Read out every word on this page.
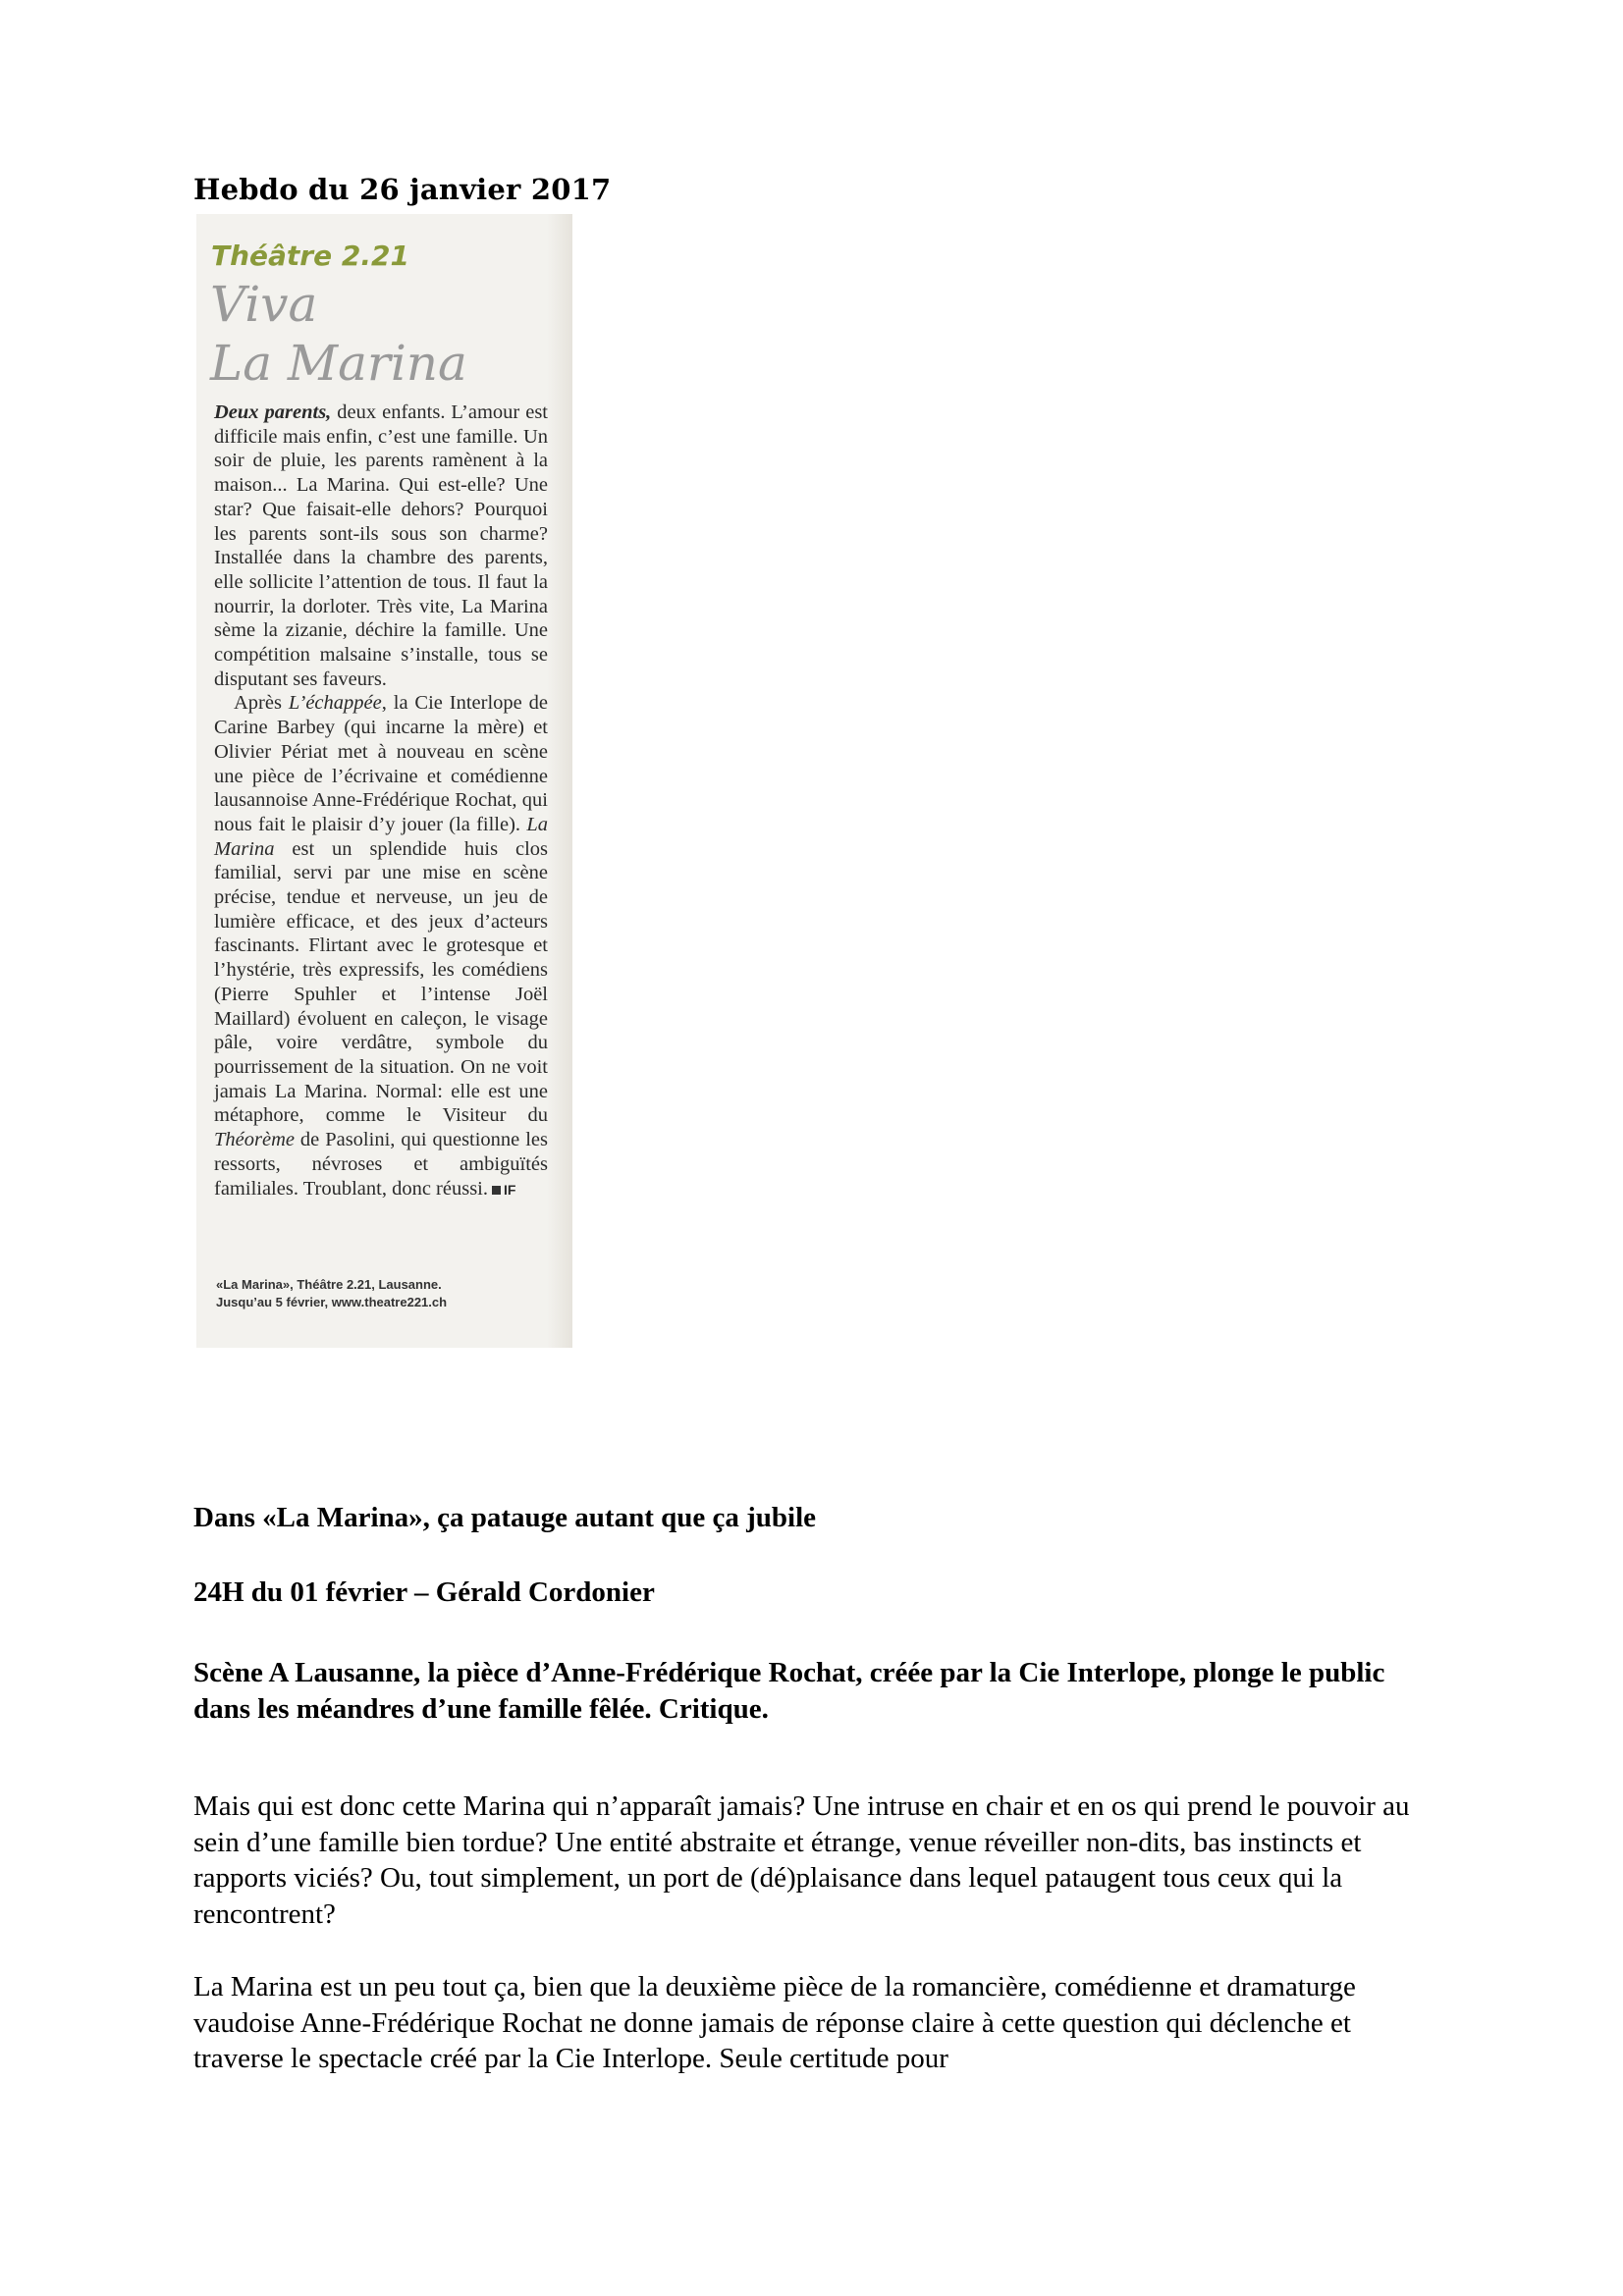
Hebdo du 26 janvier 2017
Théâtre 2.21
Viva
La Marina

Deux parents, deux enfants. L’amour est difficile mais enfin, c’est une famille. Un soir de pluie, les parents ramènent à la maison... La Marina. Qui est-elle? Une star? Que faisait-elle dehors? Pourquoi les parents sont-ils sous son charme? Installée dans la chambre des parents, elle sollicite l’attention de tous. Il faut la nourrir, la dorloter. Très vite, La Marina sème la zizanie, déchire la famille. Une compétition malsaine s’installe, tous se disputant ses faveurs.

Après L’échappée, la Cie Interlope de Carine Barbey (qui incarne la mère) et Olivier Périat met à nouveau en scène une pièce de l’écrivaine et comédienne lausannoise Anne-Frédérique Rochat, qui nous fait le plaisir d’y jouer (la fille). La Marina est un splendide huis clos familial, servi par une mise en scène précise, tendue et nerveuse, un jeu de lumière efficace, et des jeux d’acteurs fascinants. Flirtant avec le grotesque et l’hystérie, très expressifs, les comédiens (Pierre Spuhler et l’intense Joël Maillard) évoluent en caleçon, le visage pâle, voire verdâtre, symbole du pourrissement de la situation. On ne voit jamais La Marina. Normal: elle est une métaphore, comme le Visiteur du Théorème de Pasolini, qui questionne les ressorts, névroses et ambiguïtés familiales. Troublant, donc réussi. IF

«La Marina», Théâtre 2.21, Lausanne.
Jusqu’au 5 février, www.theatre221.ch
Dans «La Marina», ça patauge autant que ça jubile
24H du 01 février – Gérald Cordonier
Scène A Lausanne, la pièce d’Anne-Frédérique Rochat, créée par la Cie Interlope, plonge le public dans les méandres d’une famille fêlée. Critique.

Mais qui est donc cette Marina qui n’apparaît jamais? Une intruse en chair et en os qui prend le pouvoir au sein d’une famille bien tordue? Une entité abstraite et étrange, venue réveiller non-dits, bas instincts et rapports viciés? Ou, tout simplement, un port de (dé)plaisance dans lequel pataugent tous ceux qui la rencontrent?

La Marina est un peu tout ça, bien que la deuxième pièce de la romancière, comédienne et dramaturge vaudoise Anne-Frédérique Rochat ne donne jamais de réponse claire à cette question qui déclenche et traverse le spectacle créé par la Cie Interlope. Seule certitude pour
